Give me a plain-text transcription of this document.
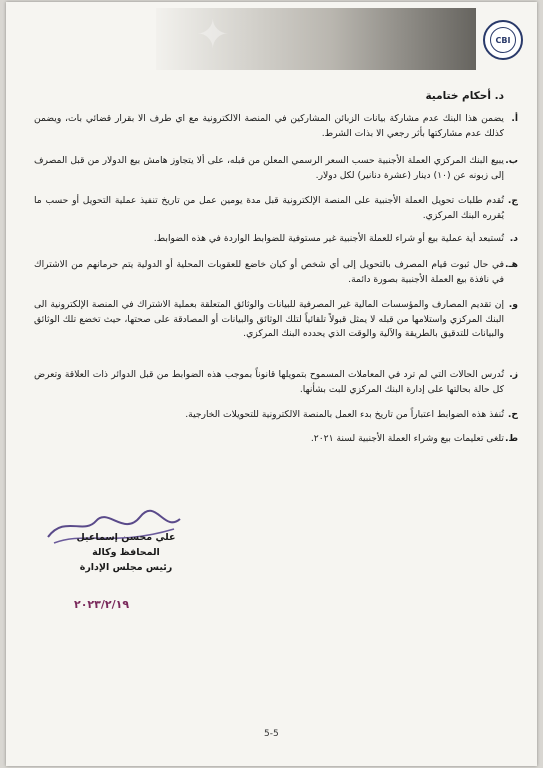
✦	CBI
د. أحكام ختامية
أ.
يضمن هذا البنك عدم مشاركة بيانات الزبائن المشاركين في المنصة الالكترونية مع اي طرف الا بقرار قضائي بات، ويضمن كذلك عدم مشاركتها بأثر رجعي الا بذات الشرط.
ب.
يبيع البنك المركزي العملة الأجنبية حسب السعر الرسمي المعلن من قبله، على ألا يتجاوز هامش بيع الدولار من قبل المصرف إلى زبونه عن (١٠) دينار (عشرة دنانير) لكل دولار.
ج.
تُقدم طلبات تحويل العملة الأجنبية على المنصة الإلكترونية قبل مدة يومين عمل من تاريخ تنفيذ عملية التحويل أو حسب ما يُقرره البنك المركزي.
د.
تُستبعد أية عملية بيع أو شراء للعملة الأجنبية غير مستوفية للضوابط الواردة في هذه الضوابط.
هـ.
في حال ثبوت قيام المصرف بالتحويل إلى أي شخص أو كيان خاضع للعقوبات المحلية أو الدولية يتم حرمانهم من الاشتراك في نافذة بيع العملة الأجنبية بصورة دائمة.
و.
إن تقديم المصارف والمؤسسات المالية غير المصرفية للبيانات والوثائق المتعلقة بعملية الاشتراك في المنصة الإلكترونية الى البنك المركزي واستلامها من قبله لا يمثل قبولاً تلقائياً لتلك الوثائق والبيانات أو المصادقة على صحتها، حيث تخضع تلك الوثائق والبيانات للتدقيق بالطريقة والآلية والوقت الذي يحدده البنك المركزي.
ز.
تُدرس الحالات التي لم ترد في المعاملات المسموح بتمويلها قانوناً بموجب هذه الضوابط من قبل الدوائر ذات العلاقة وتعرض كل حالة بحالتها على إدارة البنك المركزي للبت بشأنها.
ح.
تُنفذ هذه الضوابط اعتباراً من تاريخ بدء العمل بالمنصة الالكترونية للتحويلات الخارجية.
ط.
تلغى تعليمات بيع وشراء العملة الأجنبية لسنة ٢٠٢١.
علي محسن إسماعيل
المحافظ وكالة
رئيس مجلس الإدارة
٢٠٢٣/٢/١٩
5-5
